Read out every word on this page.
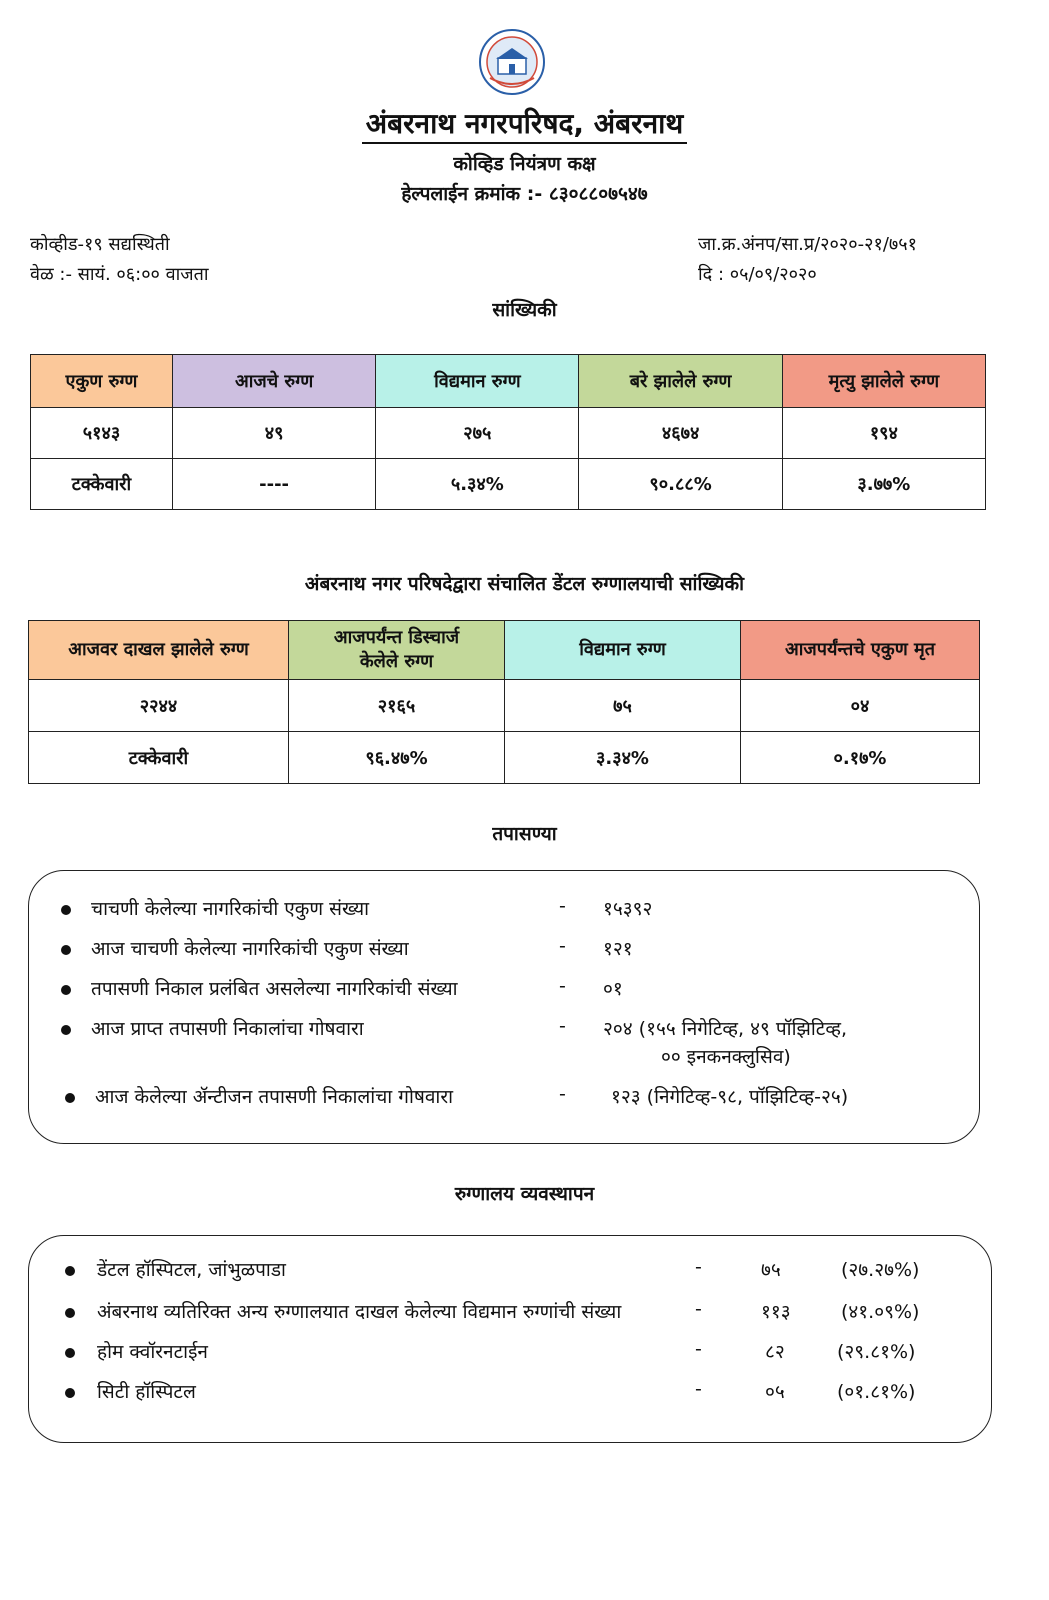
अंबरनाथ नगरपरिषद, अंबरनाथ
कोव्हिड नियंत्रण कक्ष
हेल्पलाईन क्रमांक :- ८३०८८०७५४७
कोव्हीड-१९ सद्यस्थिती
वेळ :- सायं. ०६:०० वाजता
जा.क्र.अंनप/सा.प्र/२०२०-२१/७५१
दि : ०५/०९/२०२०
सांख्यिकी
एकुण रुग्ण	आजचे रुग्ण	विद्यमान रुग्ण	बरे झालेले रुग्ण	मृत्यु झालेले रुग्ण
५१४३	४९	२७५	४६७४	१९४
टक्केवारी	----	५.३४%	९०.८८%	३.७७%
अंबरनाथ नगर परिषदेद्वारा संचालित डेंटल रुग्णालयाची सांख्यिकी
आजवर दाखल झालेले रुग्ण	आजपर्यंन्त डिस्चार्ज केलेले रुग्ण	विद्यमान रुग्ण	आजपर्यंन्तचे एकुण मृत
२२४४	२१६५	७५	०४
टक्केवारी	९६.४७%	३.३४%	०.१७%
तपासण्या
चाचणी केलेल्या नागरिकांची एकुण संख्या	- १५३९२
आज चाचणी केलेल्या नागरिकांची एकुण संख्या	- १२१
तपासणी निकाल प्रलंबित असलेल्या नागरिकांची संख्या	- ०१
आज प्राप्त तपासणी निकालांचा गोषवारा	- २०४ (१५५ निगेटिव्ह, ४९ पॉझिटिव्ह,
०० इनकनक्लुसिव)
आज केलेल्या ॲन्टीजन तपासणी निकालांचा गोषवारा	- १२३ (निगेटिव्ह-९८, पॉझिटिव्ह-२५)
रुग्णालय व्यवस्थापन
डेंटल हॉस्पिटल, जांभुळपाडा	-	७५	(२७.२७%)
अंबरनाथ व्यतिरिक्त अन्य रुग्णालयात दाखल केलेल्या विद्यमान रुग्णांची संख्या	-	११३	(४१.०९%)
होम क्वॉरनटाईन	-	८२	(२९.८१%)
सिटी हॉस्पिटल	-	०५	(०१.८१%)
